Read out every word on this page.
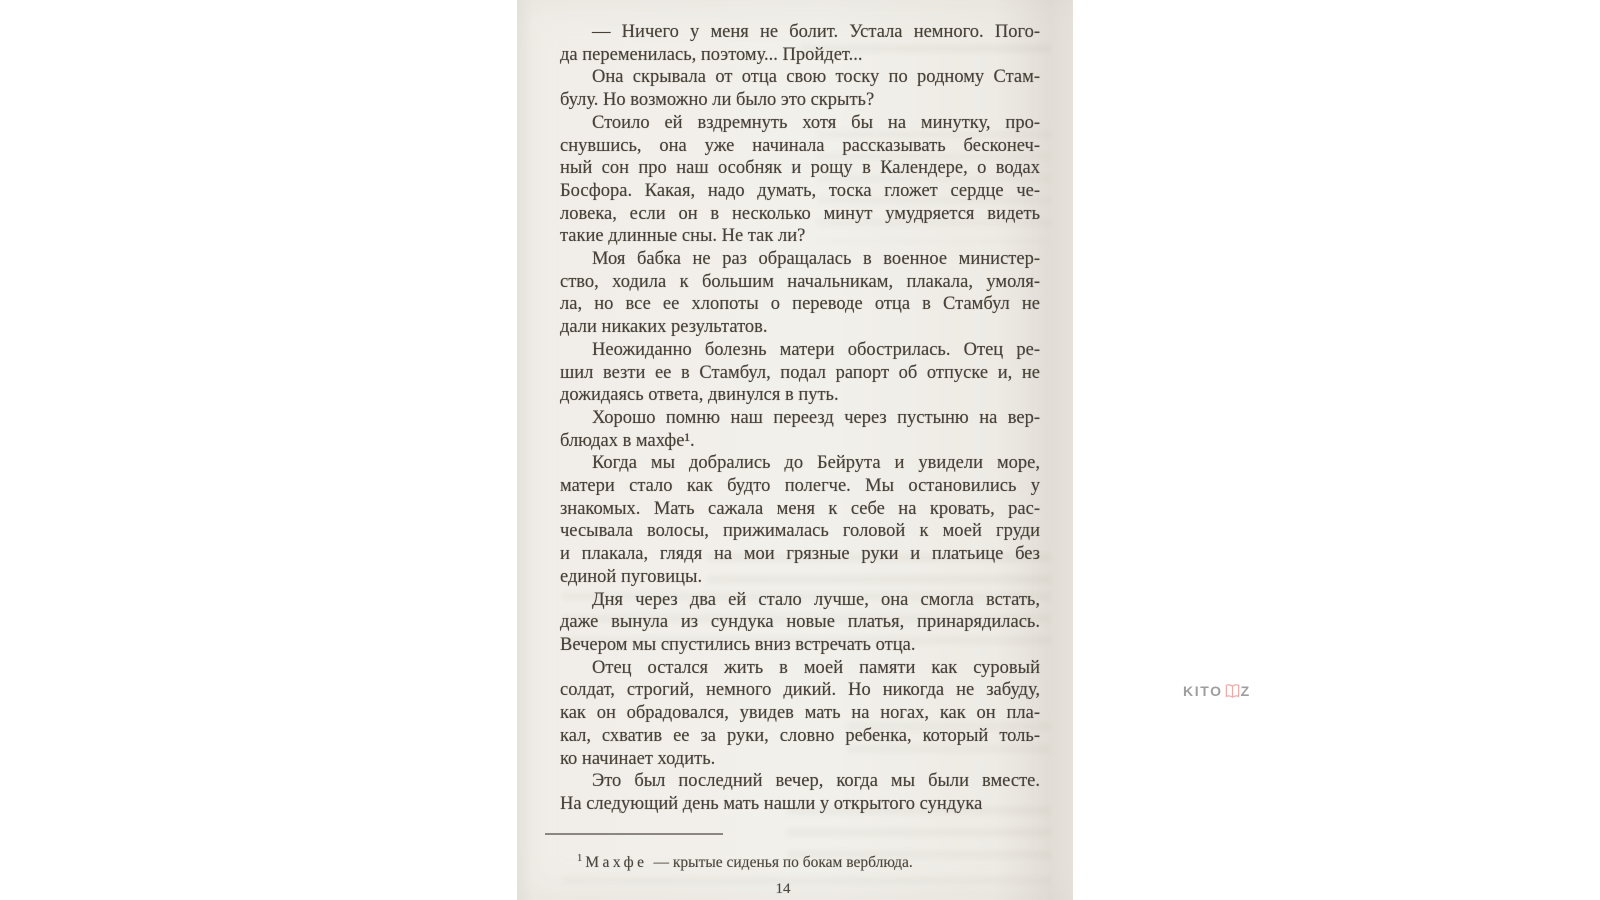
— Ничего у меня не болит. Устала немного. Пого-
да переменилась, поэтому... Пройдет...
Она скрывала от отца свою тоску по родному Стам-
булу. Но возможно ли было это скрыть?
Стоило ей вздремнуть хотя бы на минутку, про-
снувшись, она уже начинала рассказывать бесконеч-
ный сон про наш особняк и рощу в Календере, о водах
Босфора. Какая, надо думать, тоска гложет сердце че-
ловека, если он в несколько минут умудряется видеть
такие длинные сны. Не так ли?
Моя бабка не раз обращалась в военное министер-
ство, ходила к большим начальникам, плакала, умоля-
ла, но все ее хлопоты о переводе отца в Стамбул не
дали никаких результатов.
Неожиданно болезнь матери обострилась. Отец ре-
шил везти ее в Стамбул, подал рапорт об отпуске и, не
дожидаясь ответа, двинулся в путь.
Хорошо помню наш переезд через пустыню на вер-
блюдах в махфе¹.
Когда мы добрались до Бейрута и увидели море,
матери стало как будто полегче. Мы остановились у
знакомых. Мать сажала меня к себе на кровать, рас-
чесывала волосы, прижималась головой к моей груди
и плакала, глядя на мои грязные руки и платьице без
единой пуговицы.
Дня через два ей стало лучше, она смогла встать,
даже вынула из сундука новые платья, принарядилась.
Вечером мы спустились вниз встречать отца.
Отец остался жить в моей памяти как суровый
солдат, строгий, немного дикий. Но никогда не забуду,
как он обрадовался, увидев мать на ногах, как он пла-
кал, схватив ее за руки, словно ребенка, который толь-
ко начинает ходить.
Это был последний вечер, когда мы были вместе.
На следующий день мать нашли у открытого сундука
$^1$ Махфе — крытые сиденья по бокам верблюда.
14
KITO Z
